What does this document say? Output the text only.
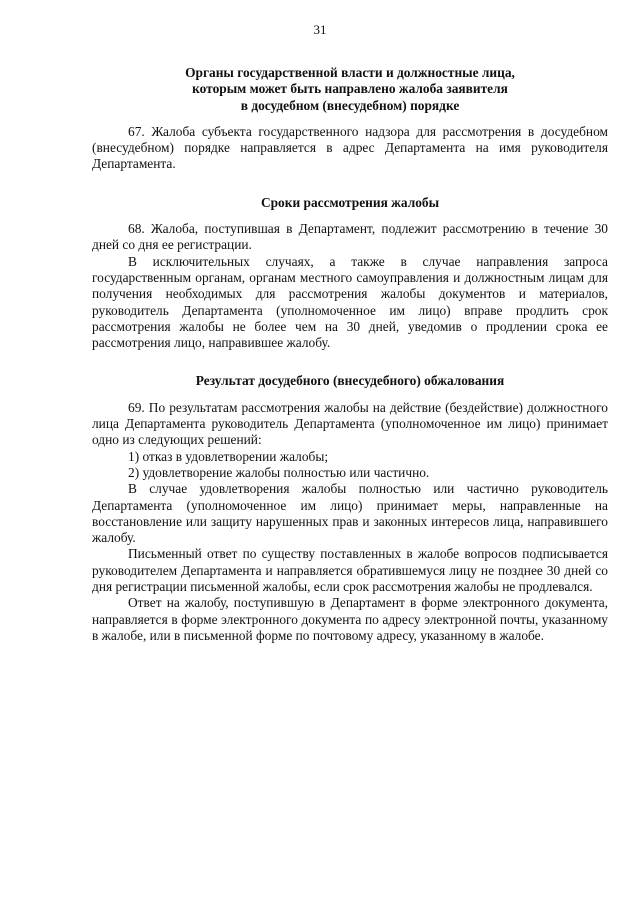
31
Органы государственной власти и должностные лица,
которым может быть направлено жалоба заявителя
в досудебном (внесудебном) порядке

67. Жалоба субъекта государственного надзора для рассмотрения в досудебном (внесудебном) порядке направляется в адрес Департамента на имя руководителя Департамента.

Сроки рассмотрения жалобы

68. Жалоба, поступившая в Департамент, подлежит рассмотрению в течение 30 дней со дня ее регистрации.

В исключительных случаях, а также в случае направления запроса государственным органам, органам местного самоуправления и должностным лицам для получения необходимых для рассмотрения жалобы документов и материалов, руководитель Департамента (уполномоченное им лицо) вправе продлить срок рассмотрения жалобы не более чем на 30 дней, уведомив о продлении срока ее рассмотрения лицо, направившее жалобу.

Результат досудебного (внесудебного) обжалования

69. По результатам рассмотрения жалобы на действие (бездействие) должностного лица Департамента руководитель Департамента (уполномоченное им лицо) принимает одно из следующих решений:

1) отказ в удовлетворении жалобы;

2) удовлетворение жалобы полностью или частично.

В случае удовлетворения жалобы полностью или частично руководитель Департамента (уполномоченное им лицо) принимает меры, направленные на восстановление или защиту нарушенных прав и законных интересов лица, направившего жалобу.

Письменный ответ по существу поставленных в жалобе вопросов подписывается руководителем Департамента и направляется обратившемуся лицу не позднее 30 дней со дня регистрации письменной жалобы, если срок рассмотрения жалобы не продлевался.

Ответ на жалобу, поступившую в Департамент в форме электронного документа, направляется в форме электронного документа по адресу электронной почты, указанному в жалобе, или в письменной форме по почтовому адресу, указанному в жалобе.
